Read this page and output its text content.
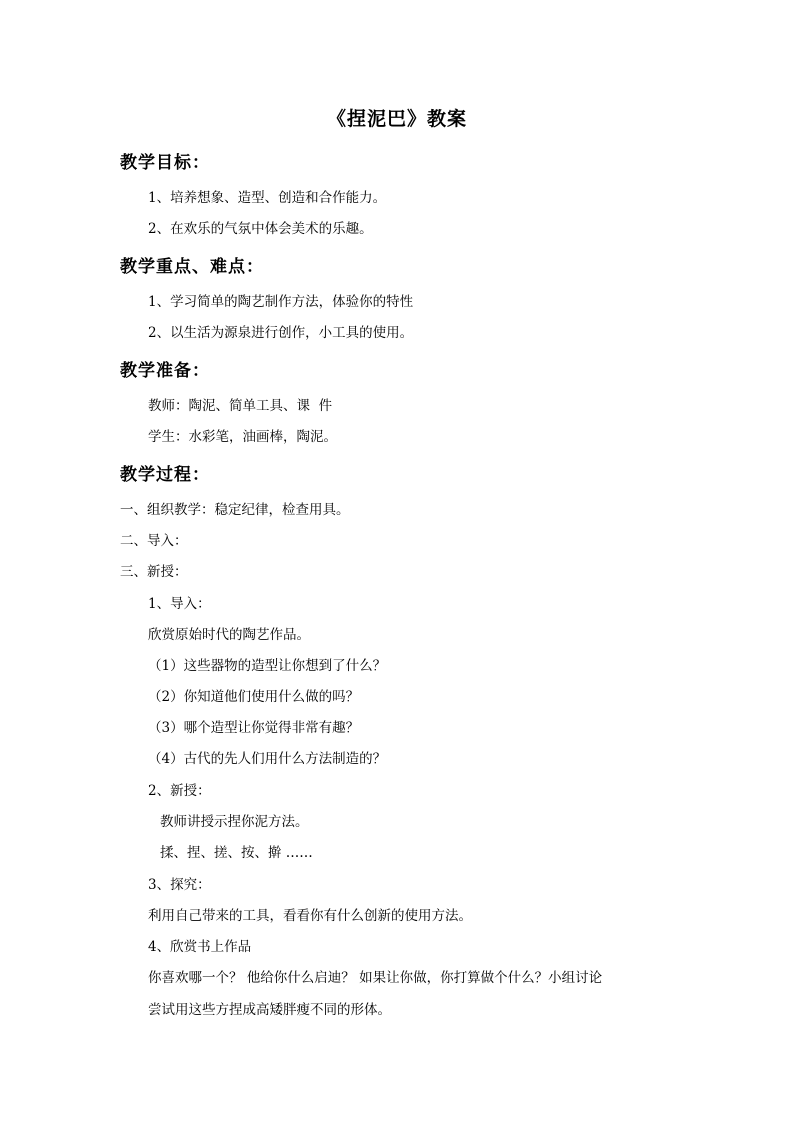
《捏泥巴》教案
教学目标：
1、培养想象、造型、创造和合作能力。
2、在欢乐的气氛中体会美术的乐趣。
教学重点、难点：
1、学习简单的陶艺制作方法，体验你的特性
2、以生活为源泉进行创作，小工具的使用。
教学准备：
教师：陶泥、简单工具、课  件
学生：水彩笔，油画棒，陶泥。
教学过程：
一、组织教学：稳定纪律，检查用具。
二、导入：
三、新授：
1、导入：
欣赏原始时代的陶艺作品。
（1）这些器物的造型让你想到了什么？
（2）你知道他们使用什么做的吗？
（3）哪个造型让你觉得非常有趣？
（4）古代的先人们用什么方法制造的？
2、新授：
教师讲授示捏你泥方法。
揉、捏、搓、按、擀 ……
3、探究：
利用自己带来的工具，看看你有什么创新的使用方法。
4、欣赏书上作品
你喜欢哪一个？ 他给你什么启迪？ 如果让你做，你打算做个什么？小组讨论
尝试用这些方捏成高矮胖瘦不同的形体。
